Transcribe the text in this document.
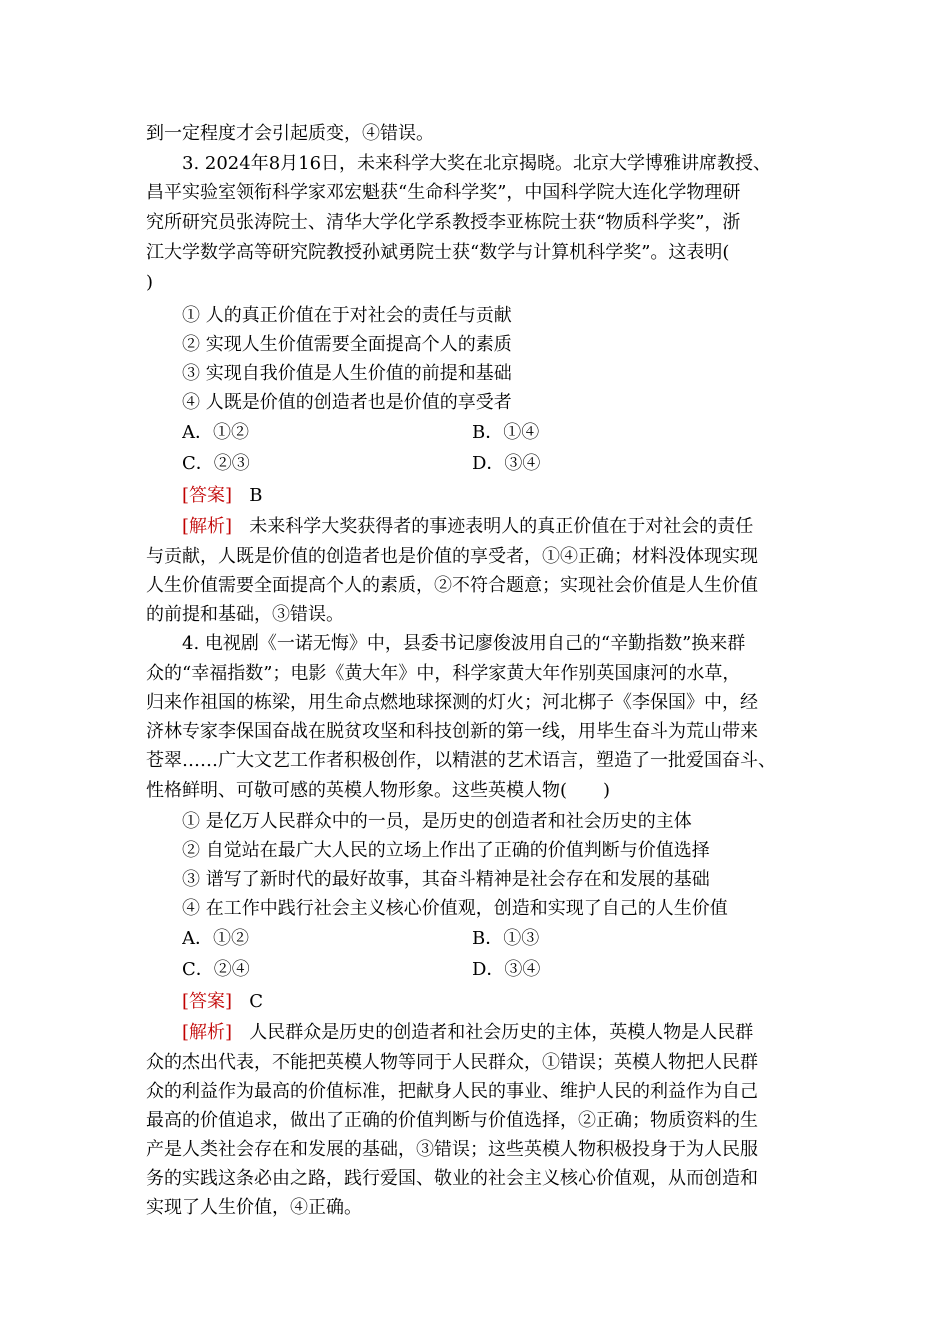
到一定程度才会引起质变，④错误。
3. 2024年8月16日，未来科学大奖在北京揭晓。北京大学博雅讲席教授、
昌平实验室领衔科学家邓宏魁获“生命科学奖”，中国科学院大连化学物理研
究所研究员张涛院士、清华大学化学系教授李亚栋院士获“物质科学奖”，浙
江大学数学高等研究院教授孙斌勇院士获“数学与计算机科学奖”。这表明(
)
① 人的真正价值在于对社会的责任与贡献
② 实现人生价值需要全面提高个人的素质
③ 实现自我价值是人生价值的前提和基础
④ 人既是价值的创造者也是价值的享受者
A．①②	B．①④
C．②③	D．③④
[答案] B
[解析] 未来科学大奖获得者的事迹表明人的真正价值在于对社会的责任
与贡献，人既是价值的创造者也是价值的享受者，①④正确；材料没体现实现
人生价值需要全面提高个人的素质，②不符合题意；实现社会价值是人生价值
的前提和基础，③错误。
4. 电视剧《一诺无悔》中，县委书记廖俊波用自己的“辛勤指数”换来群
众的“幸福指数”；电影《黄大年》中，科学家黄大年作别英国康河的水草，
归来作祖国的栋梁，用生命点燃地球探测的灯火；河北梆子《李保国》中，经
济林专家李保国奋战在脱贫攻坚和科技创新的第一线，用毕生奋斗为荒山带来
苍翠……广大文艺工作者积极创作，以精湛的艺术语言，塑造了一批爱国奋斗、
性格鲜明、可敬可感的英模人物形象。这些英模人物(　　)
① 是亿万人民群众中的一员，是历史的创造者和社会历史的主体
② 自觉站在最广大人民的立场上作出了正确的价值判断与价值选择
③ 谱写了新时代的最好故事，其奋斗精神是社会存在和发展的基础
④ 在工作中践行社会主义核心价值观，创造和实现了自己的人生价值
A．①②	B．①③
C．②④	D．③④
[答案] C
[解析] 人民群众是历史的创造者和社会历史的主体，英模人物是人民群
众的杰出代表，不能把英模人物等同于人民群众，①错误；英模人物把人民群
众的利益作为最高的价值标准，把献身人民的事业、维护人民的利益作为自己
最高的价值追求，做出了正确的价值判断与价值选择，②正确；物质资料的生
产是人类社会存在和发展的基础，③错误；这些英模人物积极投身于为人民服
务的实践这条必由之路，践行爱国、敬业的社会主义核心价值观，从而创造和
实现了人生价值，④正确。
